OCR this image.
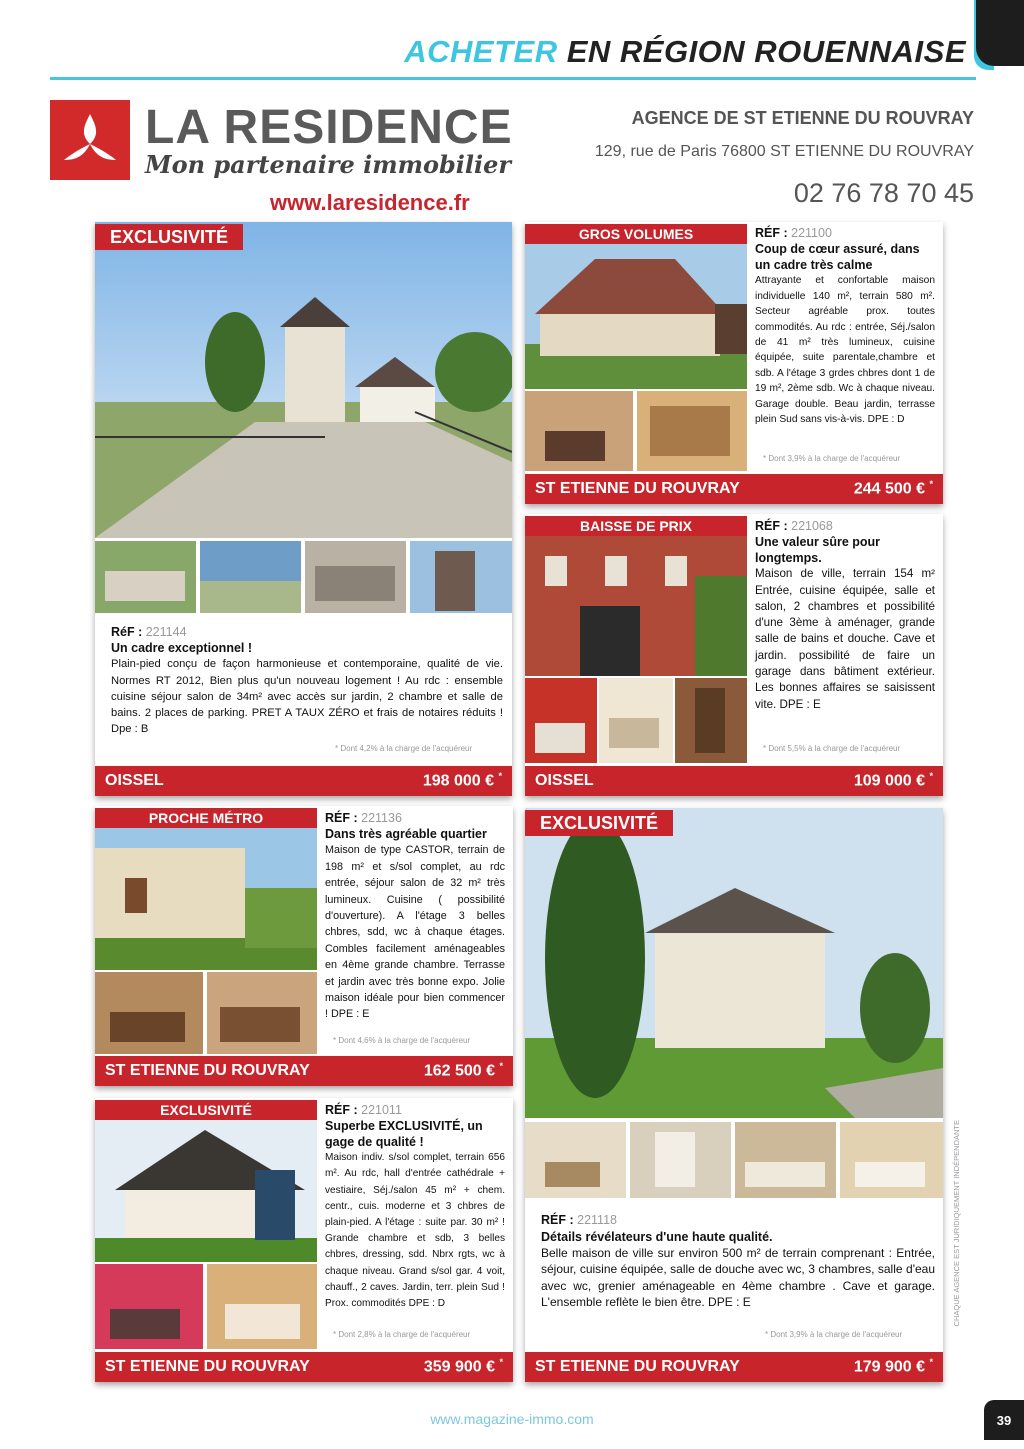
ACHETER EN RÉGION ROUENNAISE
LA RESIDENCE
Mon partenaire immobilier
www.laresidence.fr
AGENCE DE ST ETIENNE DU ROUVRAY
129, rue de Paris 76800 ST ETIENNE DU ROUVRAY
02 76 78 70 45
EXCLUSIVITÉ
RéF : 221144
Un cadre exceptionnel !
Plain-pied conçu de façon harmonieuse et contemporaine, qualité de vie. Normes RT 2012, Bien plus qu'un nouveau logement ! Au rdc : ensemble cuisine séjour salon de 34m² avec accès sur jardin, 2 chambre et salle de bains. 2 places de parking. PRET A TAUX ZÉRO et frais de notaires réduits ! Dpe : B
* Dont 4,2% à la charge de l'acquéreur
OISSEL	198 000 € *
GROS VOLUMES	RÉF : 221100
Coup de cœur assuré, dans un cadre très calme
Attrayante et confortable maison individuelle 140 m², terrain 580 m². Secteur agréable prox. toutes commodités. Au rdc : entrée, Séj./salon de 41 m² très lumineux, cuisine équipée, suite parentale,chambre et sdb. A l'étage 3 grdes chbres dont 1 de 19 m², 2ème sdb. Wc à chaque niveau. Garage double. Beau jardin, terrasse plein Sud sans vis-à-vis. DPE : D
* Dont 3,9% à la charge de l'acquéreur
ST ETIENNE DU ROUVRAY	244 500 € *
BAISSE DE PRIX	RÉF : 221068
Une valeur sûre pour longtemps.
Maison de ville, terrain 154 m² Entrée, cuisine équipée, salle et salon, 2 chambres et possibilité d'une 3ème à aménager, grande salle de bains et douche. Cave et jardin. possibilité de faire un garage dans bâtiment extérieur. Les bonnes affaires se saisissent vite. DPE : E
* Dont 5,5% à la charge de l'acquéreur
OISSEL	109 000 € *
PROCHE MÉTRO	RÉF : 221136
Dans très agréable quartier
Maison de type CASTOR, terrain de 198 m² et s/sol complet, au rdc entrée, séjour salon de 32 m² très lumineux. Cuisine ( possibilité d'ouverture). A l'étage 3 belles chbres, sdd, wc à chaque étages. Combles facilement aménageables en 4ème grande chambre. Terrasse et jardin avec très bonne expo. Jolie maison idéale pour bien commencer ! DPE : E
* Dont 4,6% à la charge de l'acquéreur
ST ETIENNE DU ROUVRAY	162 500 € *
EXCLUSIVITÉ
RÉF : 221118
Détails révélateurs d'une haute qualité.
Belle maison de ville sur environ 500 m² de terrain comprenant : Entrée, séjour, cuisine équipée, salle de douche avec wc, 3 chambres, salle d'eau avec wc, grenier aménageable en 4ème chambre . Cave et garage. L'ensemble reflète le bien être. DPE : E
* Dont 3,9% à la charge de l'acquéreur
ST ETIENNE DU ROUVRAY	179 900 € *
EXCLUSIVITÉ	RÉF : 221011
Superbe EXCLUSIVITÉ, un gage de qualité !
Maison indiv. s/sol complet, terrain 656 m². Au rdc, hall d'entrée cathédrale + vestiaire, Séj./salon 45 m² + chem. centr., cuis. moderne et 3 chbres de plain-pied. A l'étage : suite par. 30 m² ! Grande chambre et sdb, 3 belles chbres, dressing, sdd. Nbrx rgts, wc à chaque niveau. Grand s/sol gar. 4 voit, chauff., 2 caves. Jardin, terr. plein Sud ! Prox. commodités DPE : D
* Dont 2,8% à la charge de l'acquéreur
ST ETIENNE DU ROUVRAY	359 900 € *
CHAQUE AGENCE EST JURIDIQUEMENT INDÉPENDANTE
www.magazine-immo.com	39
